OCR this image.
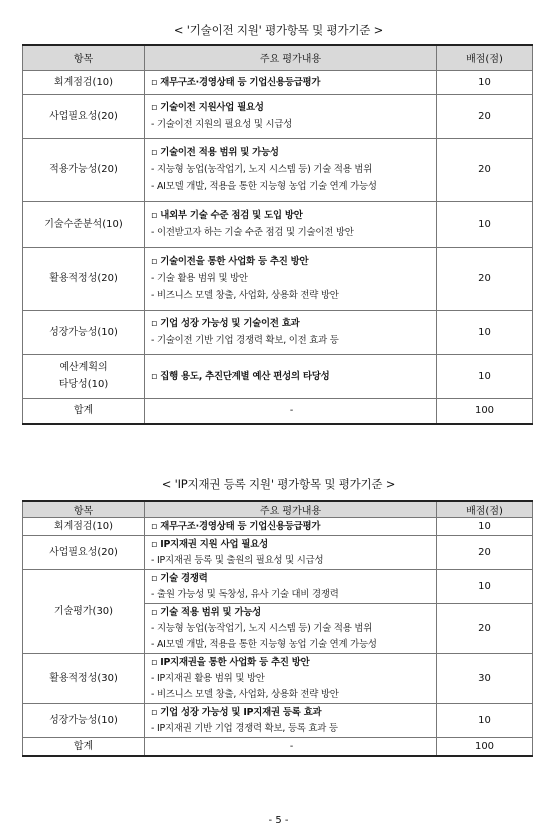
< '기술이전 지원' 평가항목 및 평가기준 >
항목	주요 평가내용	배점(점)

회계점검(10)	▫ 재무구조·경영상태 등 기업신용등급평가	10

사업필요성(20)	▫ 기술이전 지원사업 필요성
- 기술이전 지원의 필요성 및 시급성	20

적용가능성(20)	▫ 기술이전 적용 범위 및 가능성
- 지능형 농업(농작업기, 노지 시스템 등) 기술 적용 범위
- AI모델 개발, 적용을 통한 지능형 농업 기술 연계 가능성	20

기술수준분석(10)	▫ 내외부 기술 수준 점검 및 도입 방안
- 이전받고자 하는 기술 수준 점검 및 기술이전 방안	10

활용적정성(20)	▫ 기술이전을 통한 사업화 등 추진 방안
- 기술 활용 범위 및 방안
- 비즈니스 모델 창출, 사업화, 상용화 전략 방안	20

성장가능성(10)	▫ 기업 성장 가능성 및 기술이전 효과
- 기술이전 기반 기업 경쟁력 확보, 이전 효과 등	10

예산계획의
타당성(10)	▫ 집행 용도, 추진단계별 예산 편성의 타당성	10

합계	-	100
< 'IP지재권 등록 지원' 평가항목 및 평가기준 >
항목	주요 평가내용	배점(점)

회계점검(10)	▫ 재무구조·경영상태 등 기업신용등급평가	10

사업필요성(20)	▫ IP지재권 지원 사업 필요성
- IP지재권 등록 및 출원의 필요성 및 시급성	20

기술평가(30)	▫ 기술 경쟁력
- 출원 가능성 및 독창성, 유사 기술 대비 경쟁력	10

	▫ 기술 적용 범위 및 가능성
- 지능형 농업(농작업기, 노지 시스템 등) 기술 적용 범위
- AI모델 개발, 적용을 통한 지능형 농업 기술 연계 가능성	20

활용적정성(30)	▫ IP지재권을 통한 사업화 등 추진 방안
- IP지재권 활용 범위 및 방안
- 비즈니스 모델 창출, 사업화, 상용화 전략 방안	30

성장가능성(10)	▫ 기업 성장 가능성 및 IP지재권 등록 효과
- IP지재권 기반 기업 경쟁력 확보, 등록 효과 등	10

합계	-	100
- 5 -
